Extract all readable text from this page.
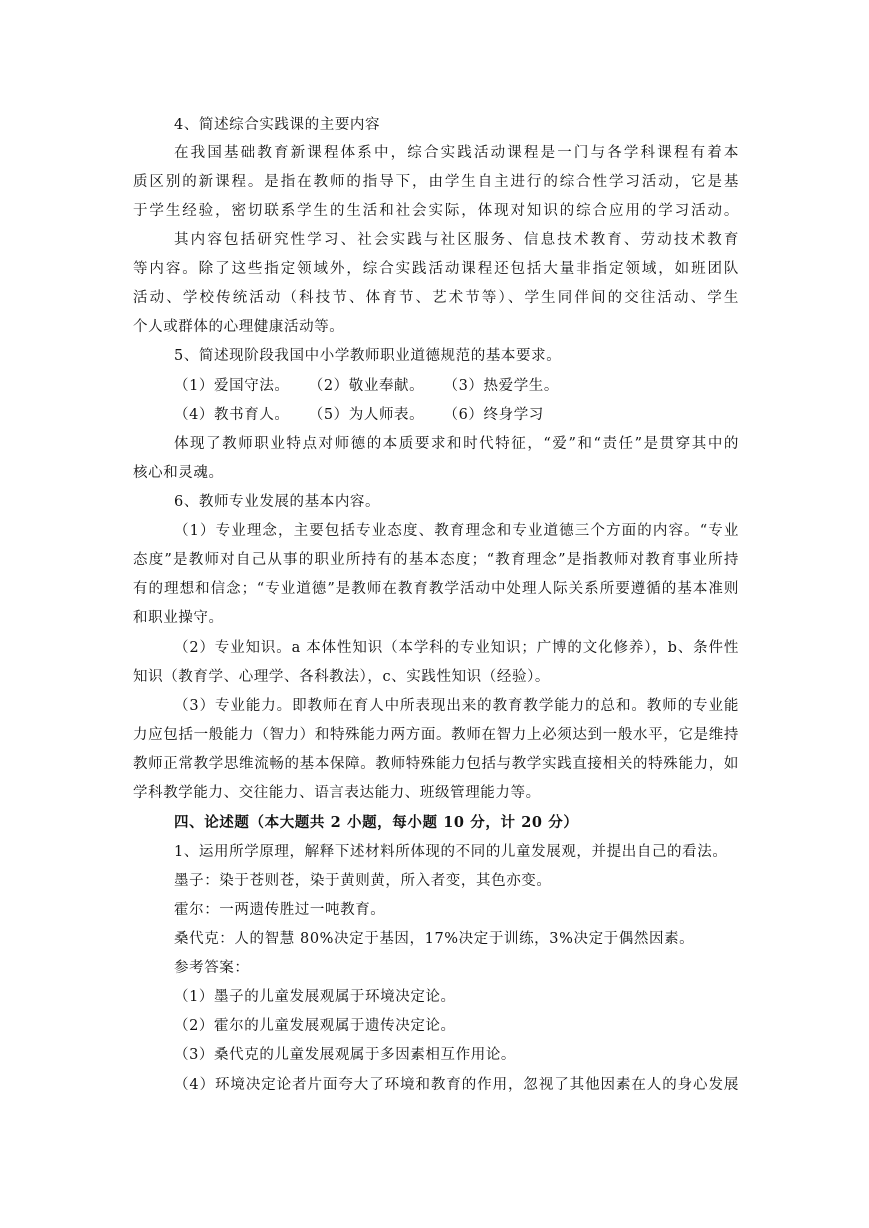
4、简述综合实践课的主要内容
在我国基础教育新课程体系中，综合实践活动课程是一门与各学科课程有着本
质区别的新课程。是指在教师的指导下，由学生自主进行的综合性学习活动，它是基
于学生经验，密切联系学生的生活和社会实际，体现对知识的综合应用的学习活动。
其内容包括研究性学习、社会实践与社区服务、信息技术教育、劳动技术教育
等内容。除了这些指定领域外，综合实践活动课程还包括大量非指定领域，如班团队
活动、学校传统活动（科技节、体育节、艺术节等）、学生同伴间的交往活动、学生
个人或群体的心理健康活动等。
5、简述现阶段我国中小学教师职业道德规范的基本要求。
（1）爱国守法。 （2）敬业奉献。 （3）热爱学生。
（4）教书育人。 （5）为人师表。 （6）终身学习
体现了教师职业特点对师德的本质要求和时代特征，“爱”和“责任”是贯穿其中的
核心和灵魂。
6、教师专业发展的基本内容。
（1）专业理念，主要包括专业态度、教育理念和专业道德三个方面的内容。“专业
态度”是教师对自己从事的职业所持有的基本态度；“教育理念”是指教师对教育事业所持
有的理想和信念；“专业道德”是教师在教育教学活动中处理人际关系所要遵循的基本准则
和职业操守。
（2）专业知识。a 本体性知识（本学科的专业知识；广博的文化修养），b、条件性
知识（教育学、心理学、各科教法），c、实践性知识（经验）。
（3）专业能力。即教师在育人中所表现出来的教育教学能力的总和。教师的专业能
力应包括一般能力（智力）和特殊能力两方面。教师在智力上必须达到一般水平，它是维持
教师正常教学思维流畅的基本保障。教师特殊能力包括与教学实践直接相关的特殊能力，如
学科教学能力、交往能力、语言表达能力、班级管理能力等。
四、论述题（本大题共 2 小题，每小题 10 分，计 20 分）
1、运用所学原理，解释下述材料所体现的不同的儿童发展观，并提出自己的看法。
墨子：染于苍则苍，染于黄则黄，所入者变，其色亦变。
霍尔：一两遗传胜过一吨教育。
桑代克：人的智慧 80%决定于基因，17%决定于训练，3%决定于偶然因素。
参考答案：
（1）墨子的儿童发展观属于环境决定论。
（2）霍尔的儿童发展观属于遗传决定论。
（3）桑代克的儿童发展观属于多因素相互作用论。
（4）环境决定论者片面夸大了环境和教育的作用，忽视了其他因素在人的身心发展
